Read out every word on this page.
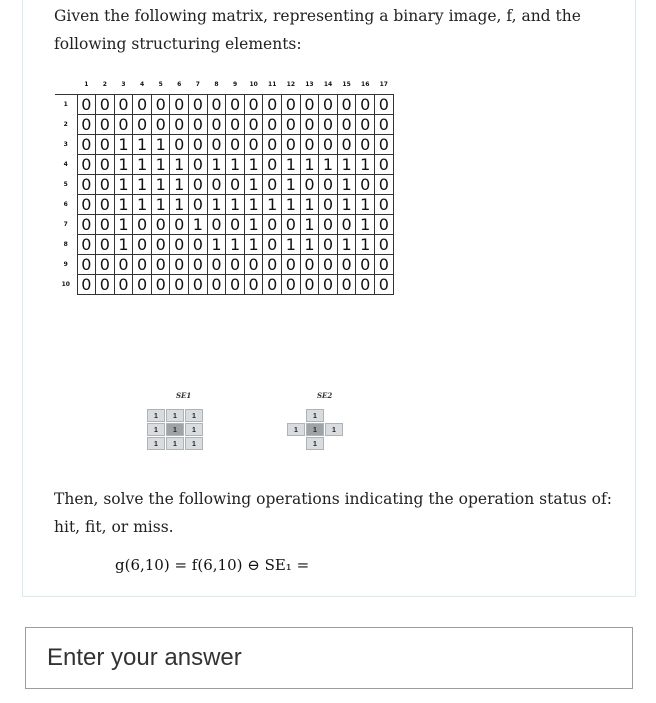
Given the following matrix, representing a binary image, f, and the following structuring elements:
	1	2	3	4	5	6	7	8	9	10	11	12	13	14	15	16	17
1	0	0	0	0	0	0	0	0	0	0	0	0	0	0	0	0	0
2	0	0	0	0	0	0	0	0	0	0	0	0	0	0	0	0	0
3	0	0	1	1	1	0	0	0	0	0	0	0	0	0	0	0	0
4	0	0	1	1	1	1	0	1	1	1	0	1	1	1	1	1	0
5	0	0	1	1	1	1	0	0	0	1	0	1	0	0	1	0	0
6	0	0	1	1	1	1	0	1	1	1	1	1	1	0	1	1	0
7	0	0	1	0	0	0	1	0	0	1	0	0	1	0	0	1	0
8	0	0	1	0	0	0	0	1	1	1	0	1	1	0	1	1	0
9	0	0	0	0	0	0	0	0	0	0	0	0	0	0	0	0	0
10	0	0	0	0	0	0	0	0	0	0	0	0	0	0	0	0	0
SE1
1	1	1
1	1	1
1	1	1
SE2
1
1	1	1
1
Then, solve the following operations indicating the operation status of: hit, fit, or miss.
g(6,10) = f(6,10) ⊖ SE₁ =
Enter your answer
